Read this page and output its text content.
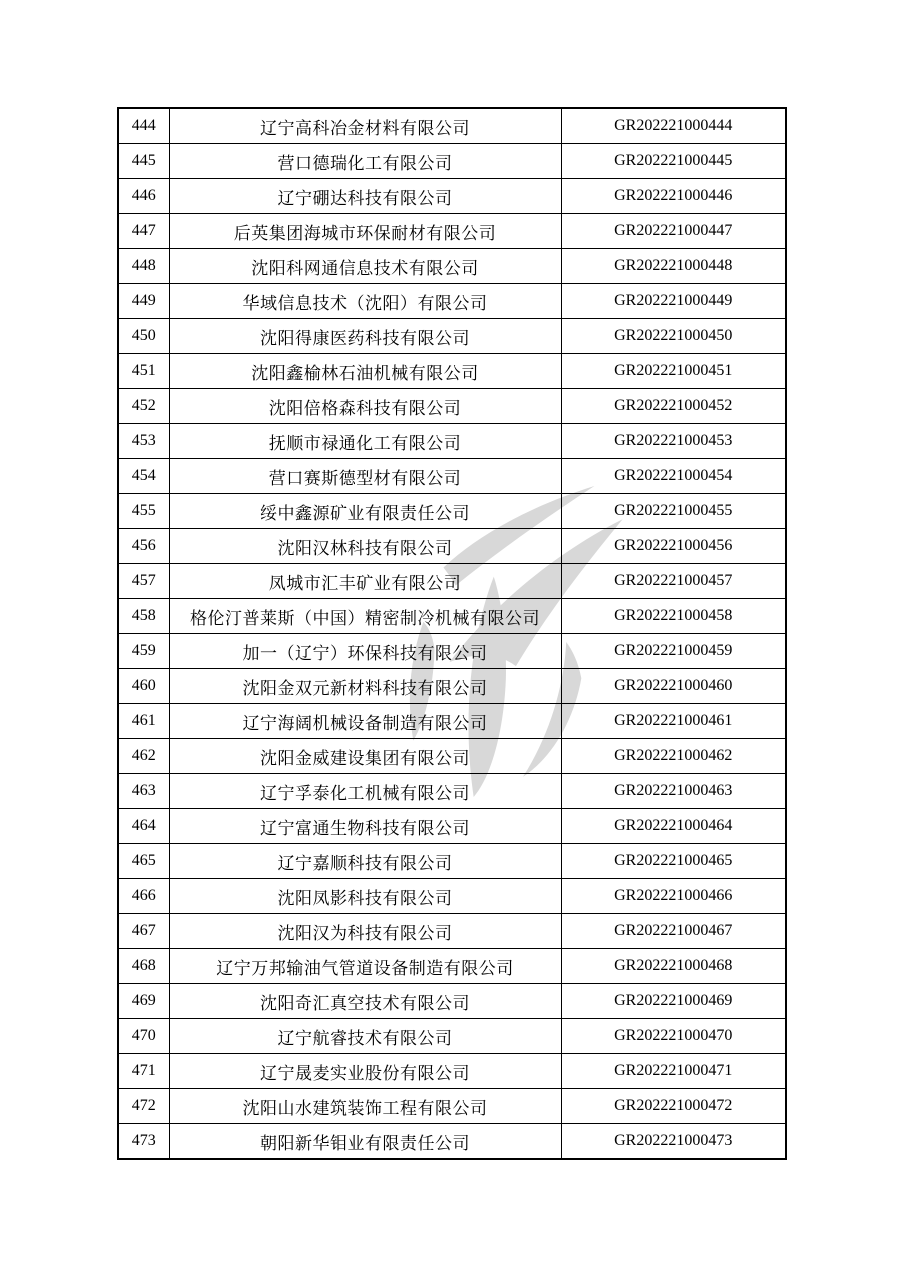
444	辽宁高科冶金材料有限公司	GR202221000444
445	营口德瑞化工有限公司	GR202221000445
446	辽宁硼达科技有限公司	GR202221000446
447	后英集团海城市环保耐材有限公司	GR202221000447
448	沈阳科网通信息技术有限公司	GR202221000448
449	华域信息技术（沈阳）有限公司	GR202221000449
450	沈阳得康医药科技有限公司	GR202221000450
451	沈阳鑫榆林石油机械有限公司	GR202221000451
452	沈阳倍格森科技有限公司	GR202221000452
453	抚顺市禄通化工有限公司	GR202221000453
454	营口赛斯德型材有限公司	GR202221000454
455	绥中鑫源矿业有限责任公司	GR202221000455
456	沈阳汉林科技有限公司	GR202221000456
457	凤城市汇丰矿业有限公司	GR202221000457
458	格伦汀普莱斯（中国）精密制冷机械有限公司	GR202221000458
459	加一（辽宁）环保科技有限公司	GR202221000459
460	沈阳金双元新材料科技有限公司	GR202221000460
461	辽宁海阔机械设备制造有限公司	GR202221000461
462	沈阳金威建设集团有限公司	GR202221000462
463	辽宁孚泰化工机械有限公司	GR202221000463
464	辽宁富通生物科技有限公司	GR202221000464
465	辽宁嘉顺科技有限公司	GR202221000465
466	沈阳凤影科技有限公司	GR202221000466
467	沈阳汉为科技有限公司	GR202221000467
468	辽宁万邦输油气管道设备制造有限公司	GR202221000468
469	沈阳奇汇真空技术有限公司	GR202221000469
470	辽宁航睿技术有限公司	GR202221000470
471	辽宁晟麦实业股份有限公司	GR202221000471
472	沈阳山水建筑装饰工程有限公司	GR202221000472
473	朝阳新华钼业有限责任公司	GR202221000473
